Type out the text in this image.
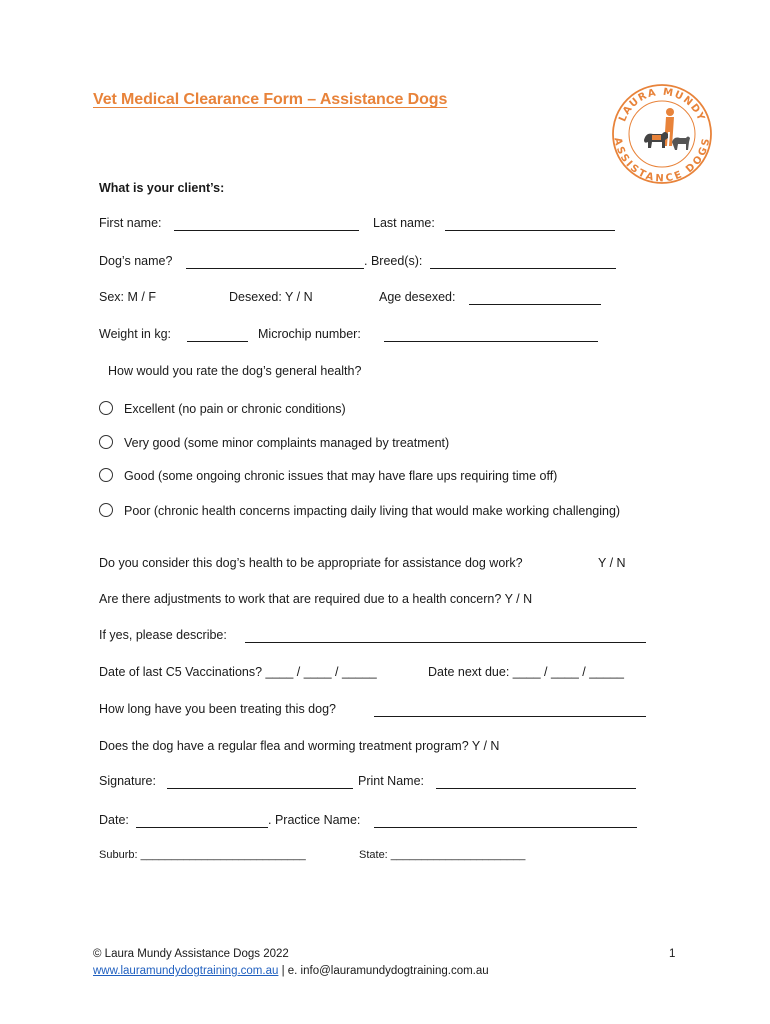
Vet Medical Clearance Form – Assistance Dogs
LAURA MUNDY
ASSISTANCE DOGS
What is your client’s:
First name:	Last name:
Dog’s name?	. Breed(s):
Sex: M / F	Desexed: Y / N	Age desexed:
Weight in kg:	Microchip number:
How would you rate the dog’s general health?
Excellent (no pain or chronic conditions)
Very good (some minor complaints managed by treatment)
Good (some ongoing chronic issues that may have flare ups requiring time off)
Poor (chronic health concerns impacting daily living that would make working challenging)
Do you consider this dog’s health to be appropriate for assistance dog work?	Y / N
Are there adjustments to work that are required due to a health concern? Y / N
If yes, please describe:
Date of last C5 Vaccinations? ____ / ____ / _____	Date next due: ____ / ____ / _____
How long have you been treating this dog?
Does the dog have a regular flea and worming treatment program? Y / N
Signature:	Print Name:
Date:	. Practice Name:
Suburb: ___________________________	State: ______________________
© Laura Mundy Assistance Dogs 2022	1
www.lauramundydogtraining.com.au | e. info@lauramundydogtraining.com.au
